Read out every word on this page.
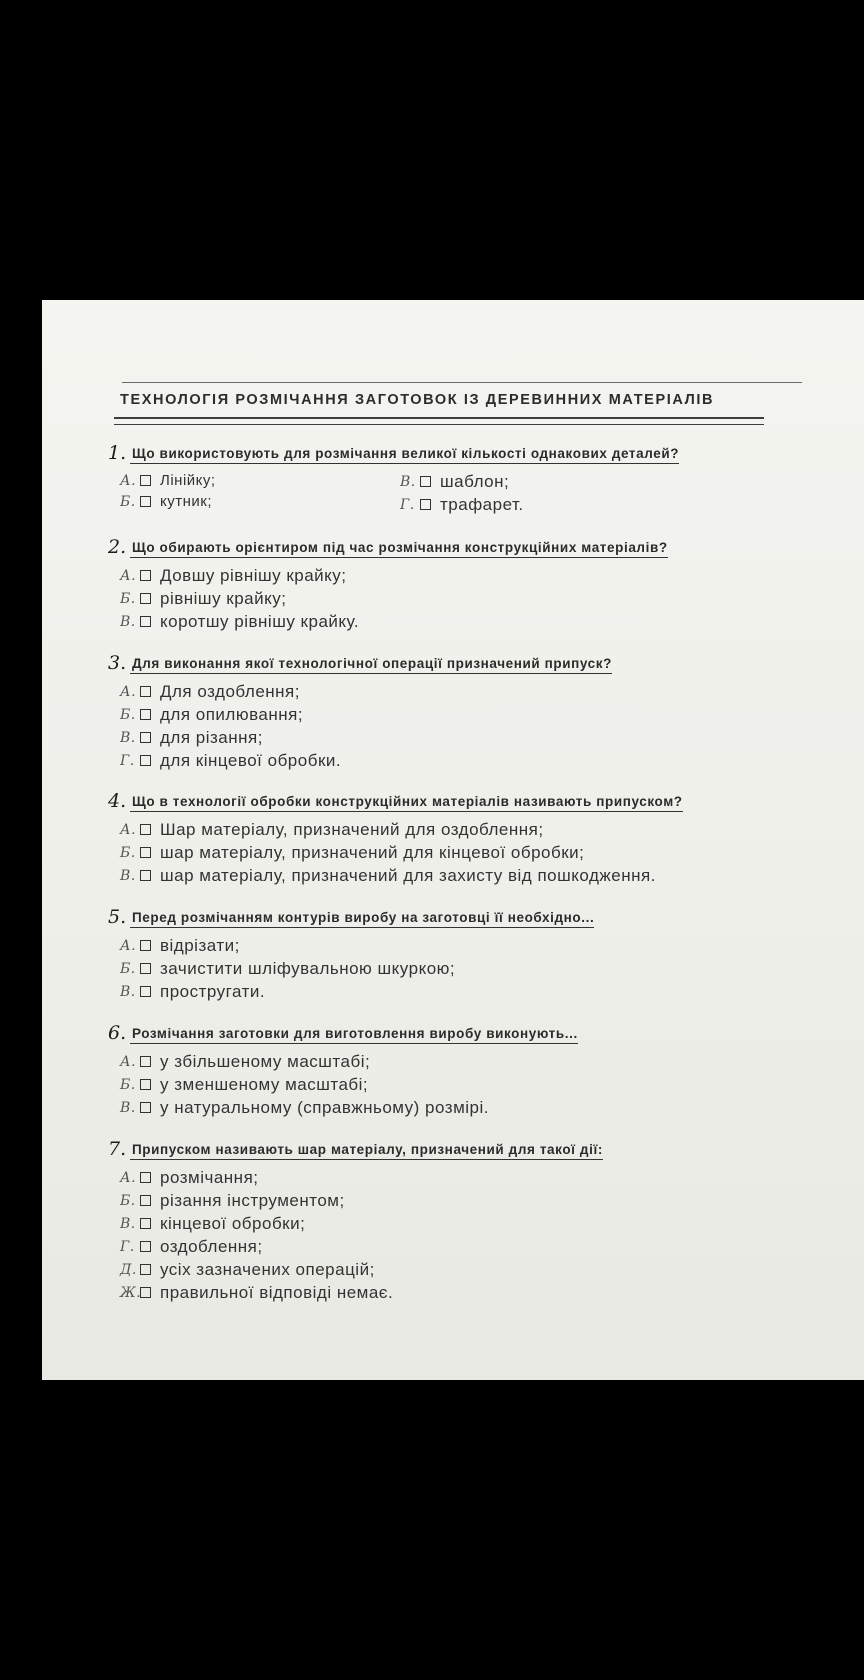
ТЕХНОЛОГІЯ РОЗМІЧАННЯ ЗАГОТОВОК ІЗ ДЕРЕВИННИХ МАТЕРІАЛІВ
1. Що використовують для розмічання великої кількості однакових деталей?
А. Лінійку;
Б. кутник;
В. шаблон;
Г.	трафарет.
2. Що обирають орієнтиром під час розмічання конструкційних матеріалів?
А. Довшу рівнішу крайку;
Б. рівнішу крайку;
В. коротшу рівнішу крайку.
3. Для виконання якої технологічної операції призначений припуск?
А. Для оздоблення;
Б. для опилювання;
В. для різання;
Г.	для кінцевої обробки.
4. Що в технології обробки конструкційних матеріалів називають припуском?
А. Шар матеріалу, призначений для оздоблення;
Б. шар матеріалу, призначений для кінцевої обробки;
В. шар матеріалу, призначений для захисту від пошкодження.
5. Перед розмічанням контурів виробу на заготовці її необхідно...
А. відрізати;
Б. зачистити шліфувальною шкуркою;
В. простругати.
6. Розмічання заготовки для виготовлення виробу виконують...
А. у збільшеному масштабі;
Б. у зменшеному масштабі;
В. у натуральному (справжньому) розмірі.
7. Припуском називають шар матеріалу, призначений для такої дії:
А. розмічання;
Б. різання інструментом;
В. кінцевої обробки;
Г.	оздоблення;
Д. усіх зазначених операцій;
Ж. правильної відповіді немає.
